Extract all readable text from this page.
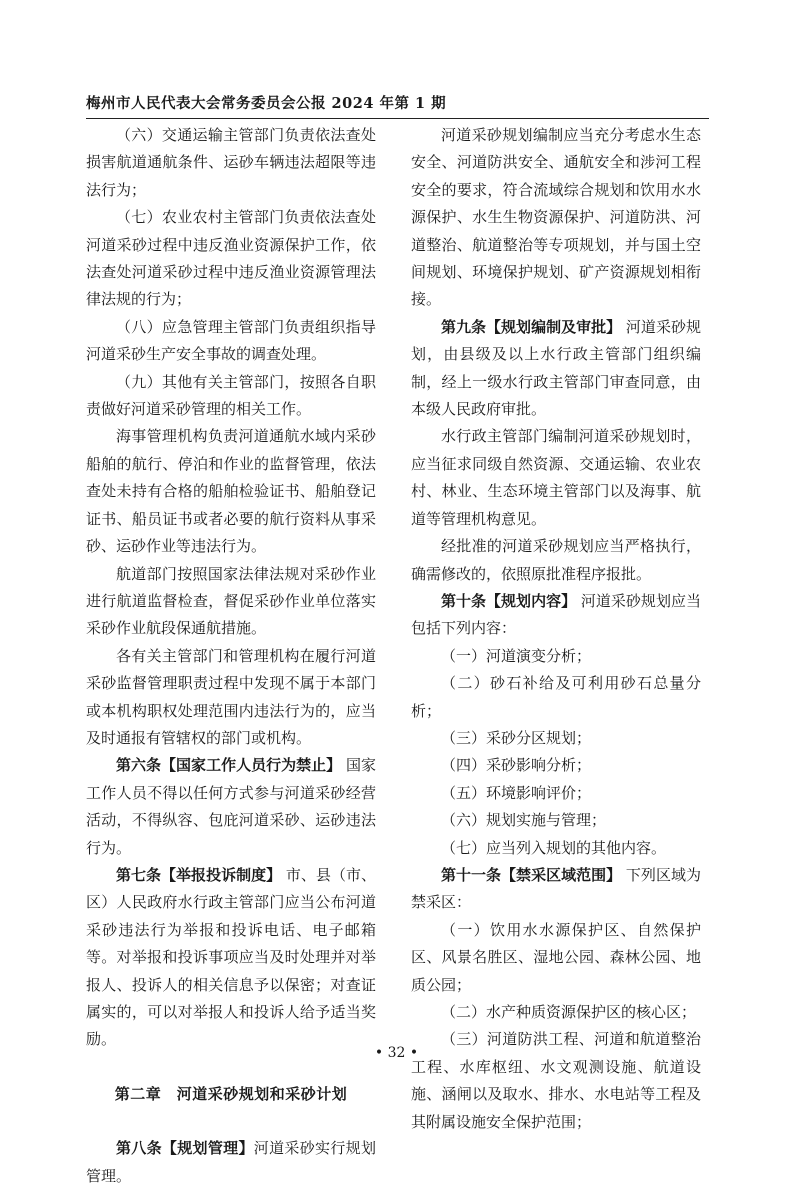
梅州市人民代表大会常务委员会公报 2024 年第 1 期

（六）交通运输主管部门负责依法查处损害航道通航条件、运砂车辆违法超限等违法行为；

（七）农业农村主管部门负责依法查处河道采砂过程中违反渔业资源保护工作，依法查处河道采砂过程中违反渔业资源管理法律法规的行为；

（八）应急管理主管部门负责组织指导河道采砂生产安全事故的调查处理。

（九）其他有关主管部门，按照各自职责做好河道采砂管理的相关工作。

海事管理机构负责河道通航水域内采砂船舶的航行、停泊和作业的监督管理，依法查处未持有合格的船舶检验证书、船舶登记证书、船员证书或者必要的航行资料从事采砂、运砂作业等违法行为。

航道部门按照国家法律法规对采砂作业进行航道监督检查，督促采砂作业单位落实采砂作业航段保通航措施。

各有关主管部门和管理机构在履行河道采砂监督管理职责过程中发现不属于本部门或本机构职权处理范围内违法行为的，应当及时通报有管辖权的部门或机构。

第六条【国家工作人员行为禁止】 国家工作人员不得以任何方式参与河道采砂经营活动，不得纵容、包庇河道采砂、运砂违法行为。

第七条【举报投诉制度】 市、县（市、区）人民政府水行政主管部门应当公布河道采砂违法行为举报和投诉电话、电子邮箱等。对举报和投诉事项应当及时处理并对举报人、投诉人的相关信息予以保密；对查证属实的，可以对举报人和投诉人给予适当奖励。

第二章　河道采砂规划和采砂计划

第八条【规划管理】河道采砂实行规划管理。

河道采砂规划编制应当充分考虑水生态安全、河道防洪安全、通航安全和涉河工程安全的要求，符合流域综合规划和饮用水水源保护、水生生物资源保护、河道防洪、河道整治、航道整治等专项规划，并与国土空间规划、环境保护规划、矿产资源规划相衔接。

第九条【规划编制及审批】 河道采砂规划，由县级及以上水行政主管部门组织编制，经上一级水行政主管部门审查同意，由本级人民政府审批。

水行政主管部门编制河道采砂规划时，应当征求同级自然资源、交通运输、农业农村、林业、生态环境主管部门以及海事、航道等管理机构意见。

经批准的河道采砂规划应当严格执行，确需修改的，依照原批准程序报批。

第十条【规划内容】 河道采砂规划应当包括下列内容：

（一）河道演变分析；

（二）砂石补给及可利用砂石总量分析；

（三）采砂分区规划；

（四）采砂影响分析；

（五）环境影响评价；

（六）规划实施与管理；

（七）应当列入规划的其他内容。

第十一条【禁采区域范围】 下列区域为禁采区：

（一）饮用水水源保护区、自然保护区、风景名胜区、湿地公园、森林公园、地质公园；

（二）水产种质资源保护区的核心区；

（三）河道防洪工程、河道和航道整治工程、水库枢纽、水文观测设施、航道设施、涵闸以及取水、排水、水电站等工程及其附属设施安全保护范围；

• 32 •
